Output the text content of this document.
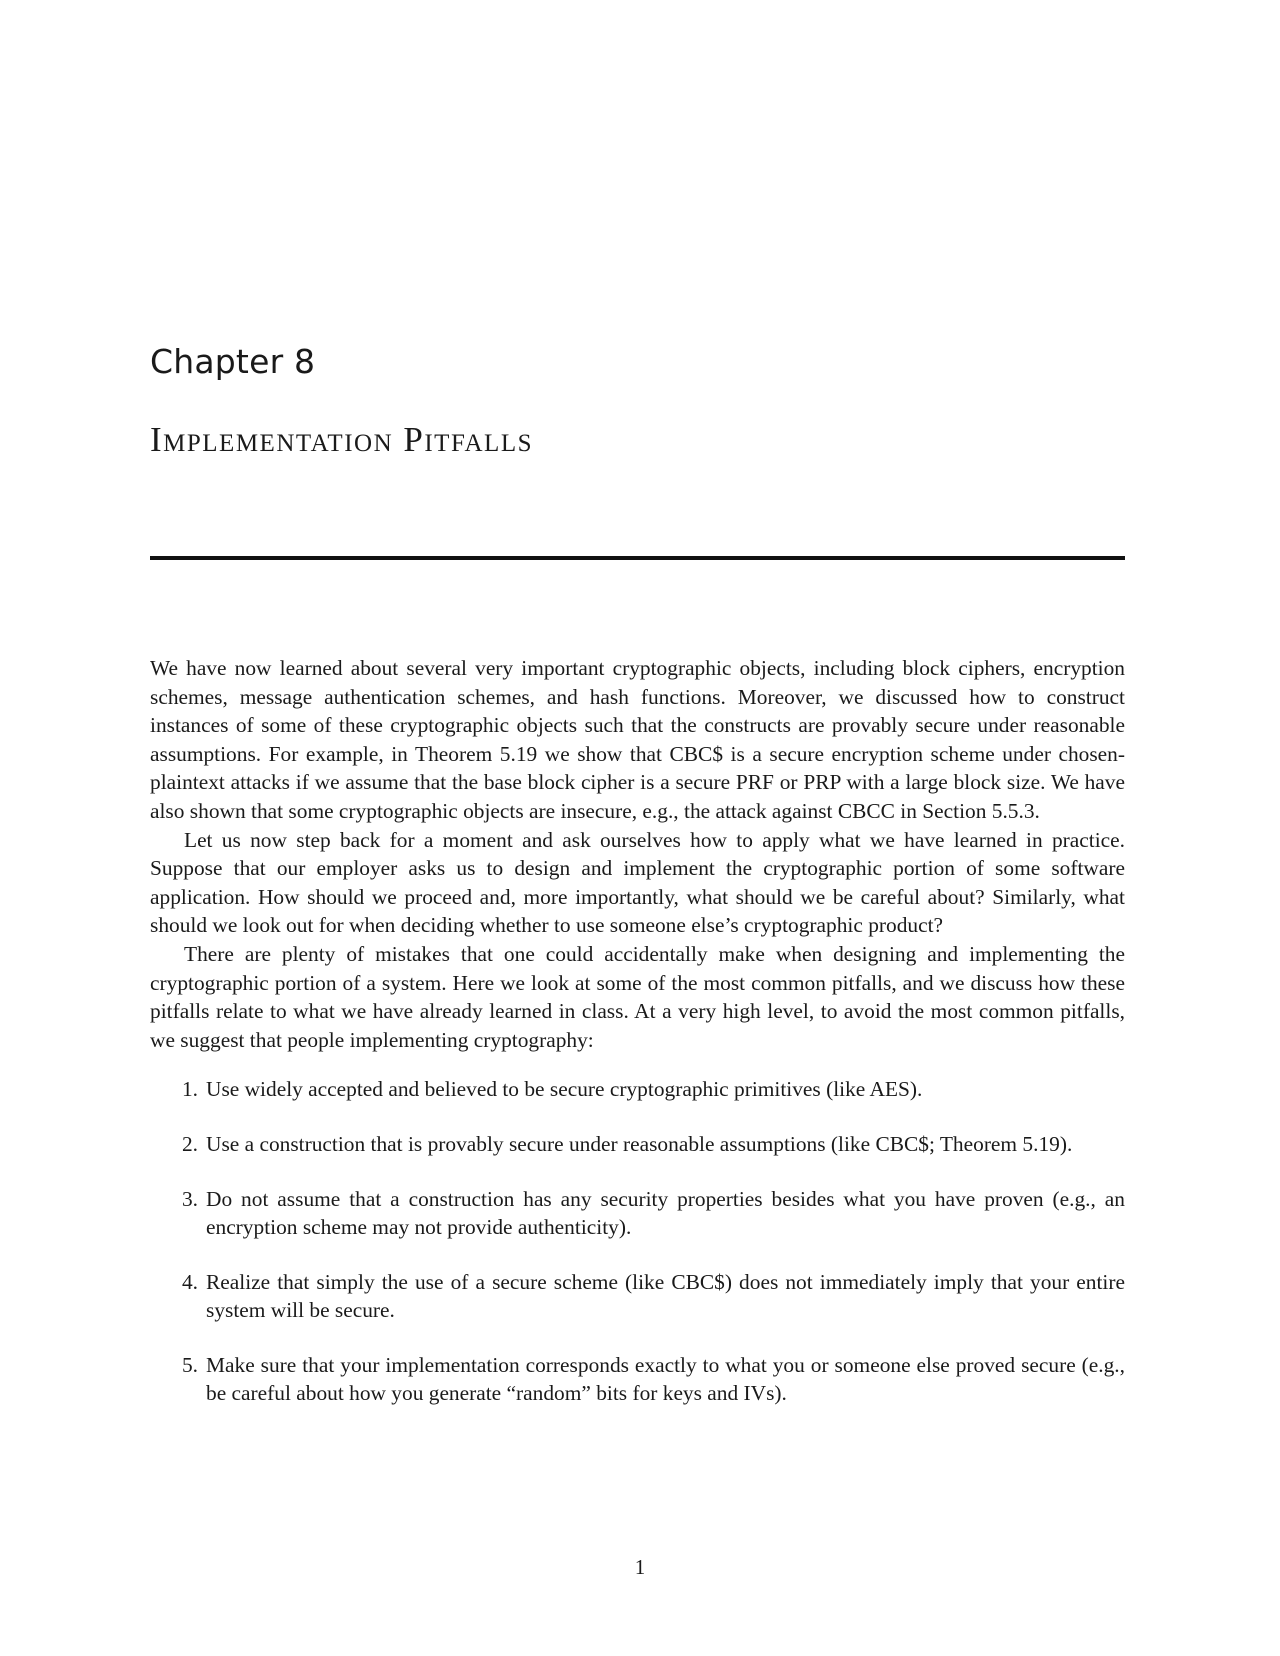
Chapter 8
Implementation Pitfalls

We have now learned about several very important cryptographic objects, including block ciphers, encryption schemes, message authentication schemes, and hash functions. Moreover, we discussed how to construct instances of some of these cryptographic objects such that the constructs are provably secure under reasonable assumptions. For example, in Theorem 5.19 we show that CBC$ is a secure encryption scheme under chosen-plaintext attacks if we assume that the base block cipher is a secure PRF or PRP with a large block size. We have also shown that some cryptographic objects are insecure, e.g., the attack against CBCC in Section 5.5.3.

Let us now step back for a moment and ask ourselves how to apply what we have learned in practice. Suppose that our employer asks us to design and implement the cryptographic portion of some software application. How should we proceed and, more importantly, what should we be careful about? Similarly, what should we look out for when deciding whether to use someone else’s cryptographic product?

There are plenty of mistakes that one could accidentally make when designing and implementing the cryptographic portion of a system. Here we look at some of the most common pitfalls, and we discuss how these pitfalls relate to what we have already learned in class. At a very high level, to avoid the most common pitfalls, we suggest that people implementing cryptography:

1. Use widely accepted and believed to be secure cryptographic primitives (like AES).
2. Use a construction that is provably secure under reasonable assumptions (like CBC$; Theorem 5.19).
3. Do not assume that a construction has any security properties besides what you have proven (e.g., an encryption scheme may not provide authenticity).
4. Realize that simply the use of a secure scheme (like CBC$) does not immediately imply that your entire system will be secure.
5. Make sure that your implementation corresponds exactly to what you or someone else proved secure (e.g., be careful about how you generate “random” bits for keys and IVs).
1
